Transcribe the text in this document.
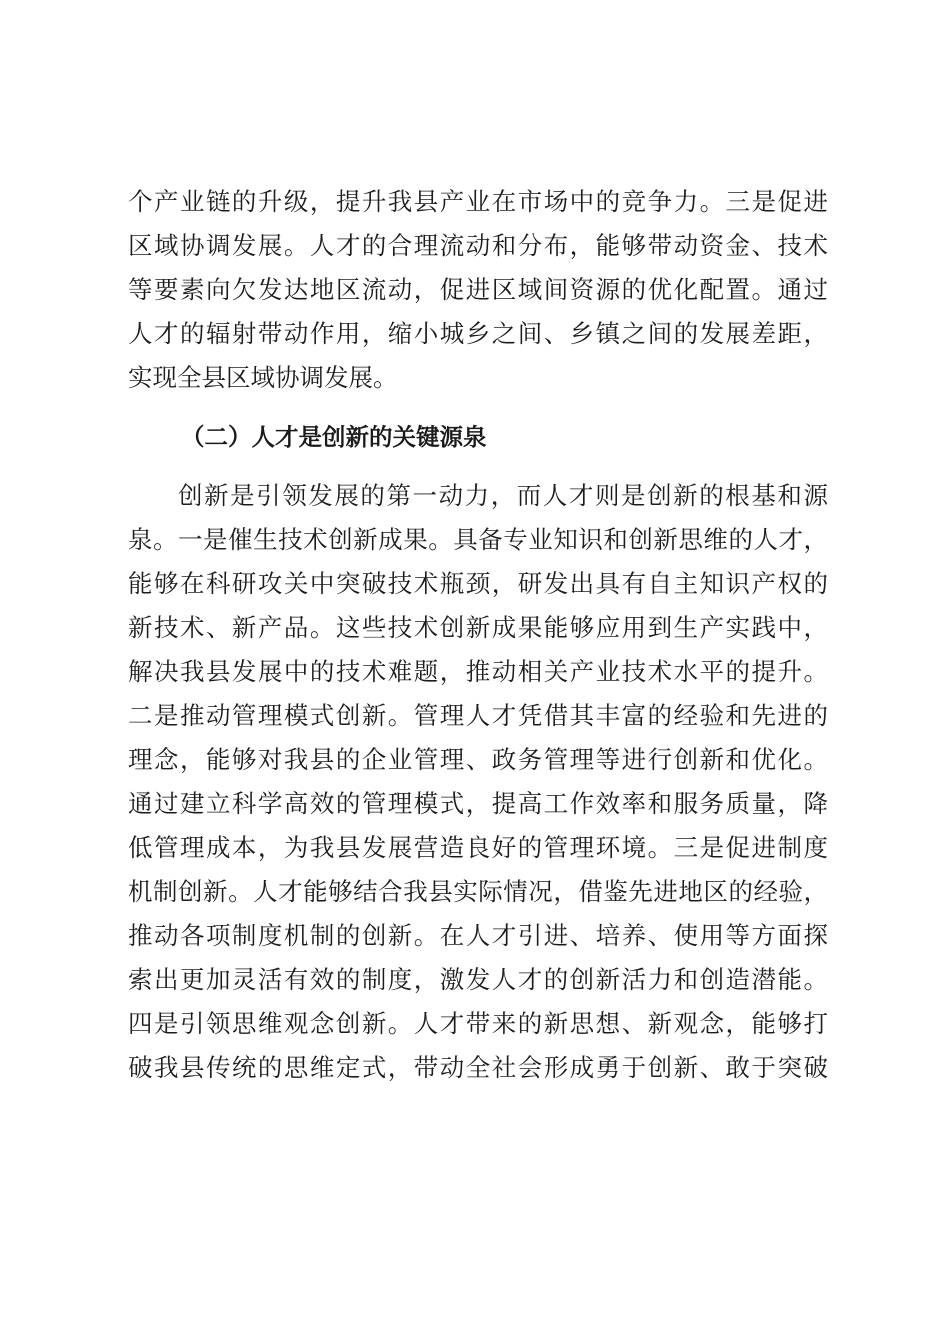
个产业链的升级，提升我县产业在市场中的竞争力。三是促进
区域协调发展。人才的合理流动和分布，能够带动资金、技术
等要素向欠发达地区流动，促进区域间资源的优化配置。通过
人才的辐射带动作用，缩小城乡之间、乡镇之间的发展差距，
实现全县区域协调发展。
（二）人才是创新的关键源泉
创新是引领发展的第一动力，而人才则是创新的根基和源
泉。一是催生技术创新成果。具备专业知识和创新思维的人才，
能够在科研攻关中突破技术瓶颈，研发出具有自主知识产权的
新技术、新产品。这些技术创新成果能够应用到生产实践中，
解决我县发展中的技术难题，推动相关产业技术水平的提升。
二是推动管理模式创新。管理人才凭借其丰富的经验和先进的
理念，能够对我县的企业管理、政务管理等进行创新和优化。
通过建立科学高效的管理模式，提高工作效率和服务质量，降
低管理成本，为我县发展营造良好的管理环境。三是促进制度
机制创新。人才能够结合我县实际情况，借鉴先进地区的经验，
推动各项制度机制的创新。在人才引进、培养、使用等方面探
索出更加灵活有效的制度，激发人才的创新活力和创造潜能。
四是引领思维观念创新。人才带来的新思想、新观念，能够打
破我县传统的思维定式，带动全社会形成勇于创新、敢于突破
